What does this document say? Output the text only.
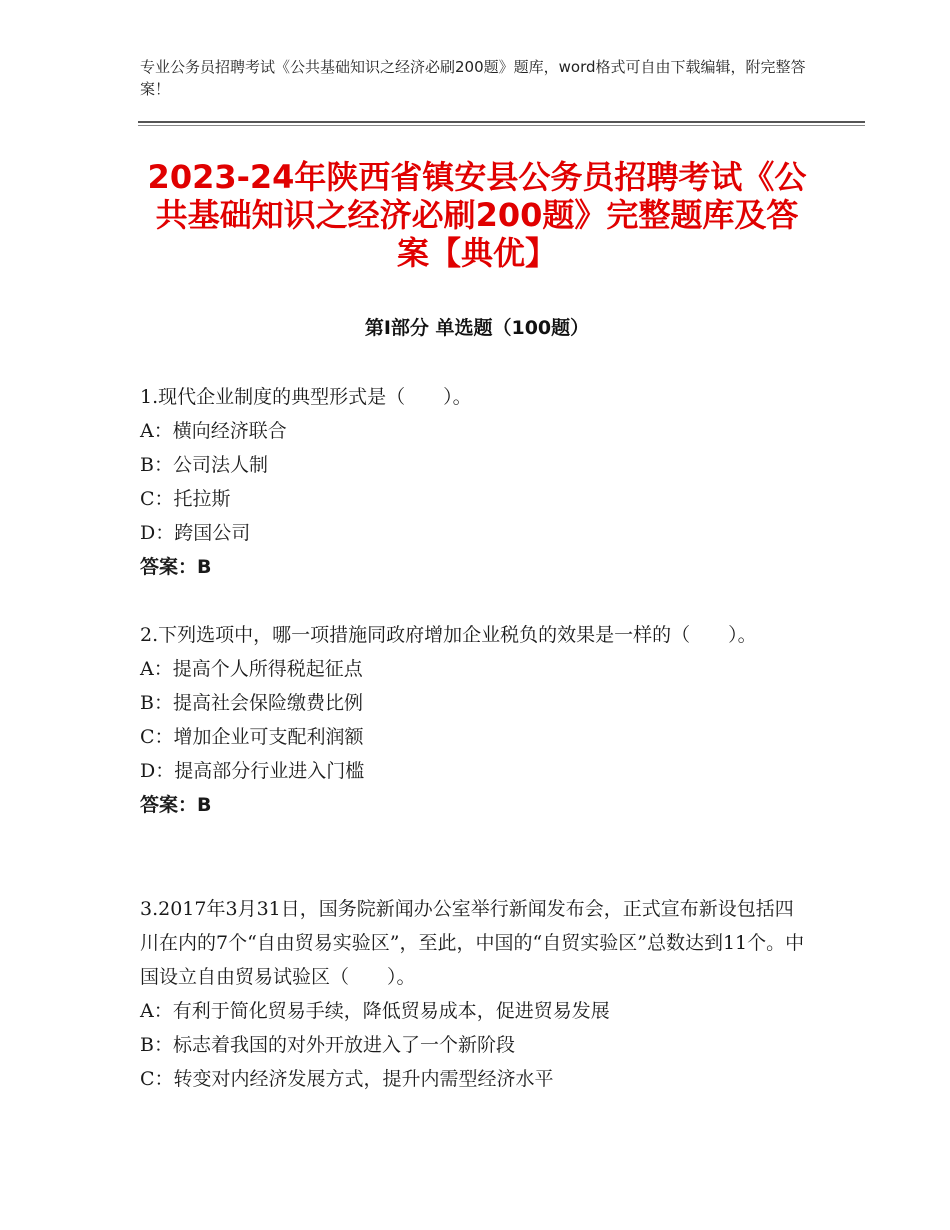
专业公务员招聘考试《公共基础知识之经济必刷200题》题库，word格式可自由下载编辑，附完整答案！
2023-24年陕西省镇安县公务员招聘考试《公共基础知识之经济必刷200题》完整题库及答案【典优】
第Ⅰ部分 单选题（100题）

1.现代企业制度的典型形式是（　　）。

A：横向经济联合

B：公司法人制

C：托拉斯

D：跨国公司

答案：B

2.下列选项中，哪一项措施同政府增加企业税负的效果是一样的（　　）。

A：提高个人所得税起征点

B：提高社会保险缴费比例

C：增加企业可支配利润额

D：提高部分行业进入门槛

答案：B

3.2017年3月31日，国务院新闻办公室举行新闻发布会，正式宣布新设包括四川在内的7个“自由贸易实验区”，至此，中国的“自贸实验区”总数达到11个。中国设立自由贸易试验区（　　）。

A：有利于简化贸易手续，降低贸易成本，促进贸易发展

B：标志着我国的对外开放进入了一个新阶段

C：转变对内经济发展方式，提升内需型经济水平
